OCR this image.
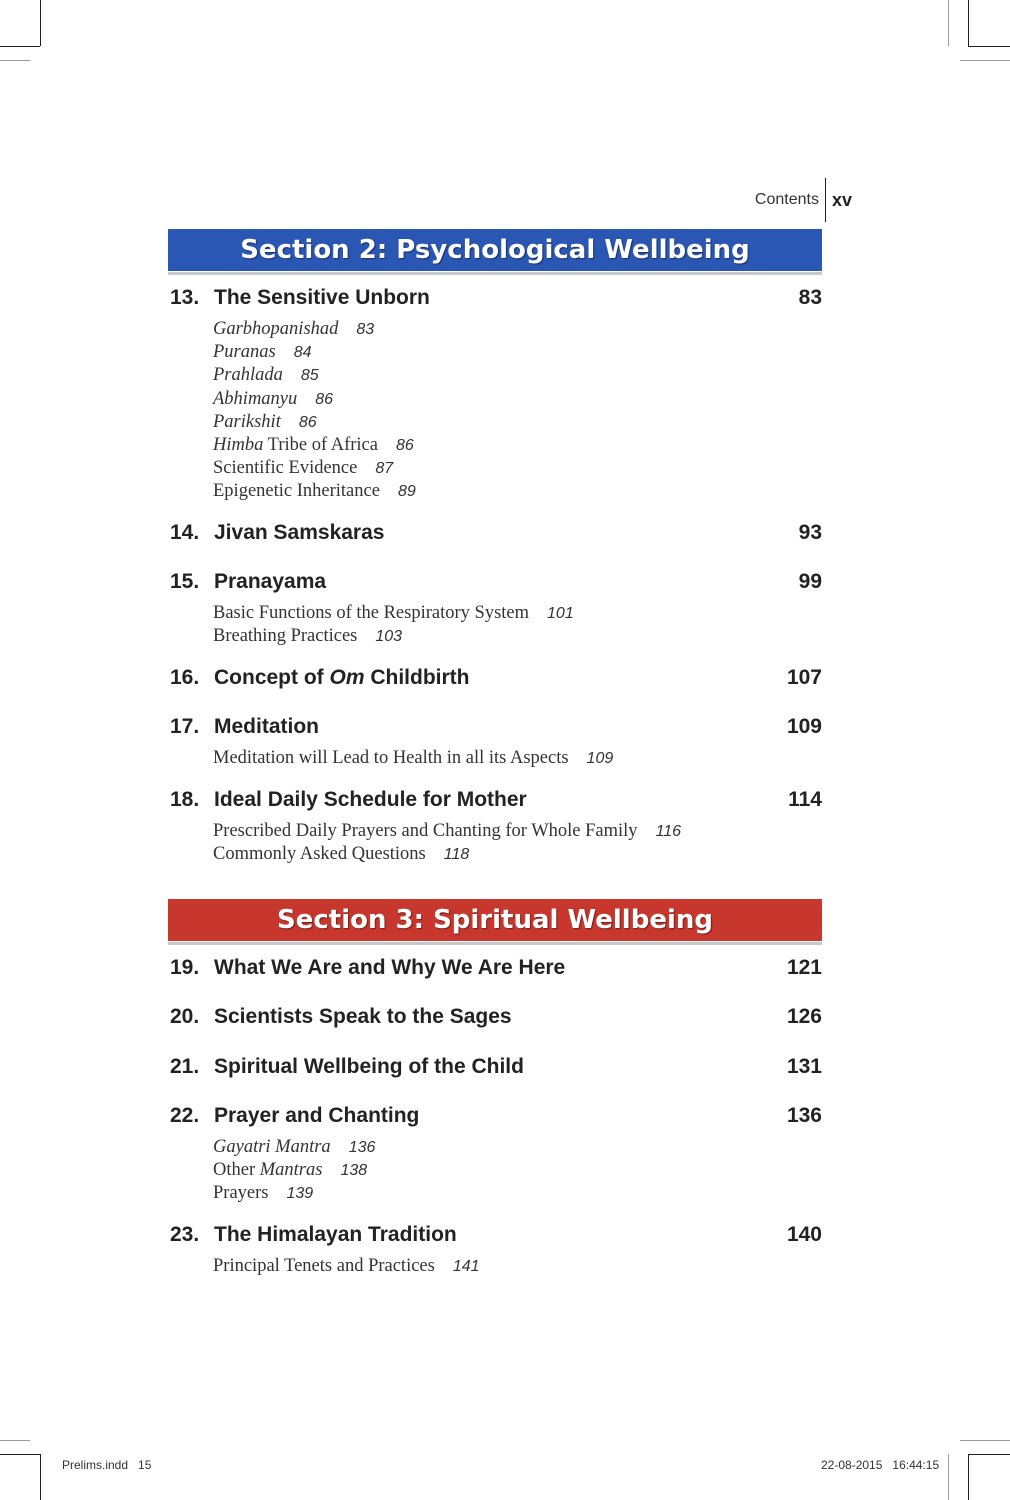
Contents xv
Section 2: Psychological Wellbeing
13. The Sensitive Unborn	83
Garbhopanishad 83
Puranas 84
Prahlada 85
Abhimanyu 86
Parikshit 86
Himba Tribe of Africa 86
Scientific Evidence 87
Epigenetic Inheritance 89
14. Jivan Samskaras	93
15. Pranayama	99
Basic Functions of the Respiratory System 101
Breathing Practices 103
16. Concept of Om Childbirth	107
17. Meditation	109
Meditation will Lead to Health in all its Aspects 109
18. Ideal Daily Schedule for Mother	114
Prescribed Daily Prayers and Chanting for Whole Family 116
Commonly Asked Questions 118
Section 3: Spiritual Wellbeing
19. What We Are and Why We Are Here	121
20. Scientists Speak to the Sages	126
21. Spiritual Wellbeing of the Child	131
22. Prayer and Chanting	136
Gayatri Mantra 136
Other Mantras 138
Prayers 139
23. The Himalayan Tradition	140
Principal Tenets and Practices 141
Prelims.indd 15	22-08-2015 16:44:15
